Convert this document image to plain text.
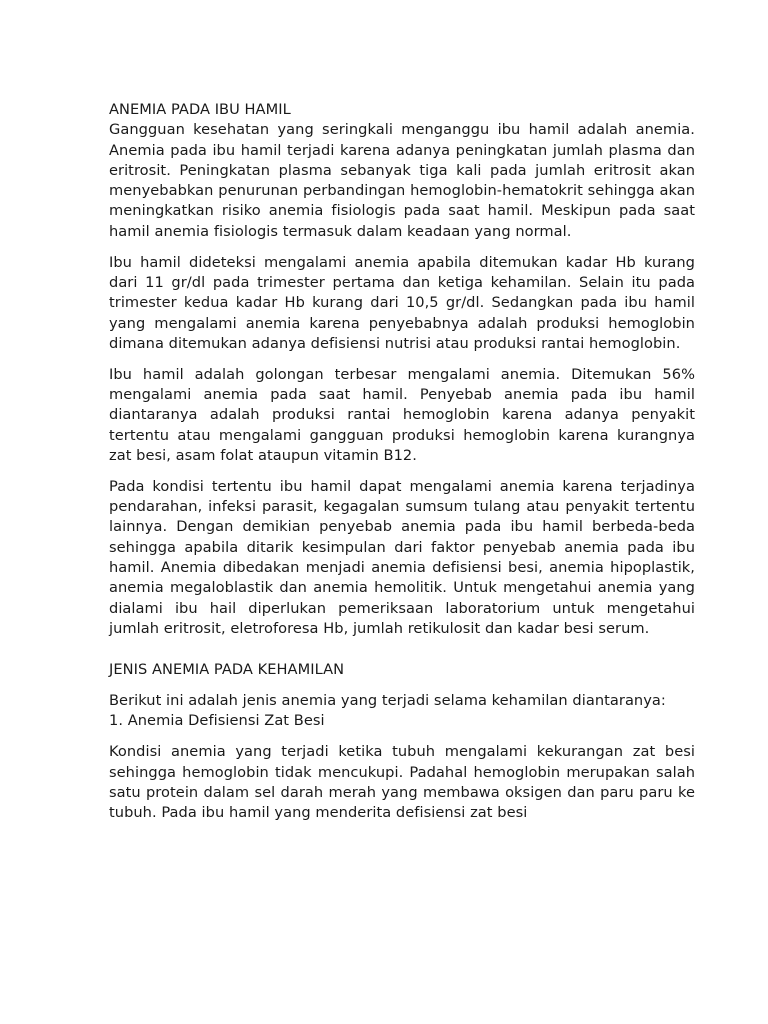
ANEMIA PADA IBU HAMIL

Gangguan kesehatan yang seringkali menganggu ibu hamil adalah anemia. Anemia pada ibu hamil terjadi karena adanya peningkatan jumlah plasma dan eritrosit. Peningkatan plasma sebanyak tiga kali pada jumlah eritrosit akan menyebabkan penurunan perbandingan hemoglobin-hematokrit sehingga akan meningkatkan risiko anemia fisiologis pada saat hamil. Meskipun pada saat hamil anemia fisiologis termasuk dalam keadaan yang normal.

Ibu hamil dideteksi mengalami anemia apabila ditemukan kadar Hb kurang dari 11 gr/dl pada trimester pertama dan ketiga kehamilan. Selain itu pada trimester kedua kadar Hb kurang dari 10,5 gr/dl. Sedangkan pada ibu hamil yang mengalami anemia karena penyebabnya adalah produksi hemoglobin dimana ditemukan adanya defisiensi nutrisi atau produksi rantai hemoglobin.

Ibu hamil adalah golongan terbesar mengalami anemia. Ditemukan 56% mengalami anemia pada saat hamil. Penyebab anemia pada ibu hamil diantaranya adalah produksi rantai hemoglobin karena adanya penyakit tertentu atau mengalami gangguan produksi hemoglobin karena kurangnya zat besi, asam folat ataupun vitamin B12.

Pada kondisi tertentu ibu hamil dapat mengalami anemia karena terjadinya pendarahan, infeksi parasit, kegagalan sumsum tulang atau penyakit tertentu lainnya. Dengan demikian penyebab anemia pada ibu hamil berbeda-beda sehingga apabila ditarik kesimpulan dari faktor penyebab anemia pada ibu hamil. Anemia dibedakan menjadi anemia defisiensi besi, anemia hipoplastik, anemia megaloblastik dan anemia hemolitik. Untuk mengetahui anemia yang dialami ibu hail diperlukan pemeriksaan laboratorium untuk mengetahui jumlah eritrosit, eletroforesa Hb, jumlah retikulosit dan kadar besi serum.

JENIS ANEMIA PADA KEHAMILAN

Berikut ini adalah jenis anemia yang terjadi selama kehamilan diantaranya:

1. Anemia Defisiensi Zat Besi

Kondisi anemia yang terjadi ketika tubuh mengalami kekurangan zat besi sehingga hemoglobin tidak mencukupi. Padahal hemoglobin merupakan salah satu protein dalam sel darah merah yang membawa oksigen dan paru paru ke tubuh. Pada ibu hamil yang menderita defisiensi zat besi
